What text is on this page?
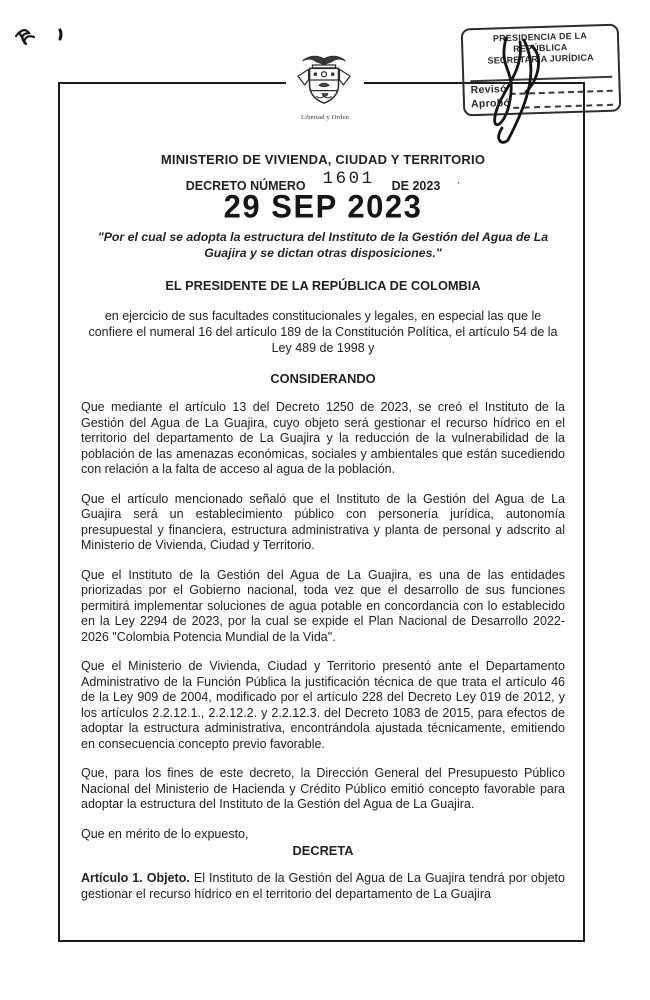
MINISTERIO DE VIVIENDA, CIUDAD Y TERRITORIO
DECRETO NÚMERO 1601 DE 2023 ·
29 SEP 2023

"Por el cual se adopta la estructura del Instituto de la Gestión del Agua de La Guajira y se dictan otras disposiciones."

EL PRESIDENTE DE LA REPÚBLICA DE COLOMBIA

en ejercicio de sus facultades constitucionales y legales, en especial las que le confiere el numeral 16 del artículo 189 de la Constitución Política, el artículo 54 de la Ley 489 de 1998 y

CONSIDERANDO

Que mediante el artículo 13 del Decreto 1250 de 2023, se creó el Instituto de la Gestión del Agua de La Guajira, cuyo objeto será gestionar el recurso hídrico en el territorio del departamento de La Guajira y la reducción de la vulnerabilidad de la población de las amenazas económicas, sociales y ambientales que están sucediendo con relación a la falta de acceso al agua de la población.

Que el artículo mencionado señaló que el Instituto de la Gestión del Agua de La Guajira será un establecimiento público con personería jurídica, autonomía presupuestal y financiera, estructura administrativa y planta de personal y adscrito al Ministerio de Vivienda, Ciudad y Territorio.

Que el Instituto de la Gestión del Agua de La Guajira, es una de las entidades priorizadas por el Gobierno nacional, toda vez que el desarrollo de sus funciones permitirá implementar soluciones de agua potable en concordancia con lo establecido en la Ley 2294 de 2023, por la cual se expide el Plan Nacional de Desarrollo 2022-2026 "Colombia Potencia Mundial de la Vida".

Que el Ministerio de Vivienda, Ciudad y Territorio presentó ante el Departamento Administrativo de la Función Pública la justificación técnica de que trata el artículo 46 de la Ley 909 de 2004, modificado por el artículo 228 del Decreto Ley 019 de 2012, y los artículos 2.2.12.1., 2.2.12.2. y 2.2.12.3. del Decreto 1083 de 2015, para efectos de adoptar la estructura administrativa, encontrándola ajustada técnicamente, emitiendo en consecuencia concepto previo favorable.

Que, para los fines de este decreto, la Dirección General del Presupuesto Público Nacional del Ministerio de Hacienda y Crédito Público emitió concepto favorable para adoptar la estructura del Instituto de la Gestión del Agua de La Guajira.

Que en mérito de lo expuesto,

DECRETA

Artículo 1. Objeto. El Instituto de la Gestión del Agua de La Guajira tendrá por objeto gestionar el recurso hídrico en el territorio del departamento de La Guajira

Libertad y Orden
PRESIDENCIA DE LA REPÚBLICA
SECRETARÍA JURÍDICA
Revisó
Aprobó
